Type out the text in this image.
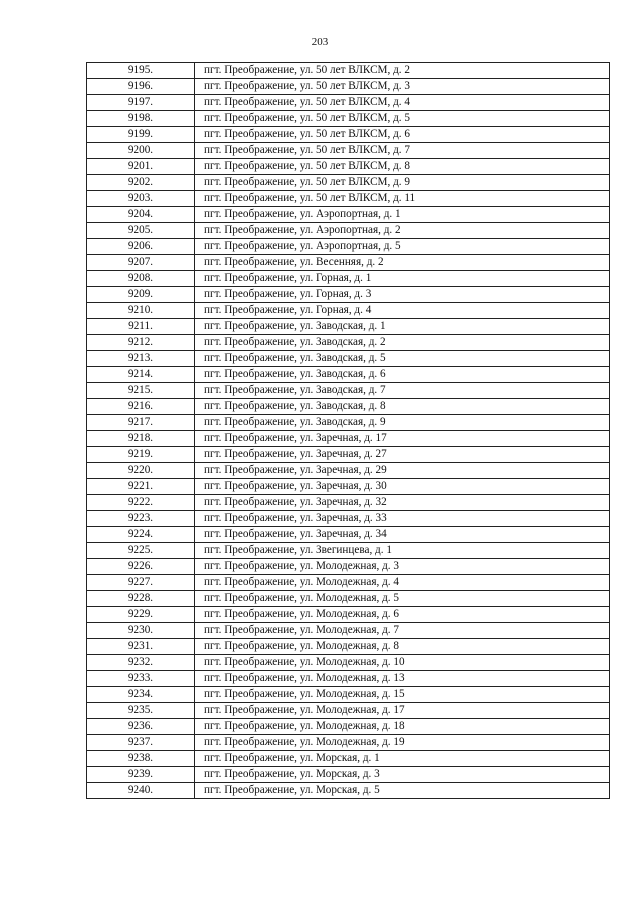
203
9195.	пгт. Преображение, ул. 50 лет ВЛКСМ, д. 2
9196.	пгт. Преображение, ул. 50 лет ВЛКСМ, д. 3
9197.	пгт. Преображение, ул. 50 лет ВЛКСМ, д. 4
9198.	пгт. Преображение, ул. 50 лет ВЛКСМ, д. 5
9199.	пгт. Преображение, ул. 50 лет ВЛКСМ, д. 6
9200.	пгт. Преображение, ул. 50 лет ВЛКСМ, д. 7
9201.	пгт. Преображение, ул. 50 лет ВЛКСМ, д. 8
9202.	пгт. Преображение, ул. 50 лет ВЛКСМ, д. 9
9203.	пгт. Преображение, ул. 50 лет ВЛКСМ, д. 11
9204.	пгт. Преображение, ул. Аэропортная, д. 1
9205.	пгт. Преображение, ул. Аэропортная, д. 2
9206.	пгт. Преображение, ул. Аэропортная, д. 5
9207.	пгт. Преображение, ул. Весенняя, д. 2
9208.	пгт. Преображение, ул. Горная, д. 1
9209.	пгт. Преображение, ул. Горная, д. 3
9210.	пгт. Преображение, ул. Горная, д. 4
9211.	пгт. Преображение, ул. Заводская, д. 1
9212.	пгт. Преображение, ул. Заводская, д. 2
9213.	пгт. Преображение, ул. Заводская, д. 5
9214.	пгт. Преображение, ул. Заводская, д. 6
9215.	пгт. Преображение, ул. Заводская, д. 7
9216.	пгт. Преображение, ул. Заводская, д. 8
9217.	пгт. Преображение, ул. Заводская, д. 9
9218.	пгт. Преображение, ул. Заречная, д. 17
9219.	пгт. Преображение, ул. Заречная, д. 27
9220.	пгт. Преображение, ул. Заречная, д. 29
9221.	пгт. Преображение, ул. Заречная, д. 30
9222.	пгт. Преображение, ул. Заречная, д. 32
9223.	пгт. Преображение, ул. Заречная, д. 33
9224.	пгт. Преображение, ул. Заречная, д. 34
9225.	пгт. Преображение, ул. Звегинцева, д. 1
9226.	пгт. Преображение, ул. Молодежная, д. 3
9227.	пгт. Преображение, ул. Молодежная, д. 4
9228.	пгт. Преображение, ул. Молодежная, д. 5
9229.	пгт. Преображение, ул. Молодежная, д. 6
9230.	пгт. Преображение, ул. Молодежная, д. 7
9231.	пгт. Преображение, ул. Молодежная, д. 8
9232.	пгт. Преображение, ул. Молодежная, д. 10
9233.	пгт. Преображение, ул. Молодежная, д. 13
9234.	пгт. Преображение, ул. Молодежная, д. 15
9235.	пгт. Преображение, ул. Молодежная, д. 17
9236.	пгт. Преображение, ул. Молодежная, д. 18
9237.	пгт. Преображение, ул. Молодежная, д. 19
9238.	пгт. Преображение, ул. Морская, д. 1
9239.	пгт. Преображение, ул. Морская, д. 3
9240.	пгт. Преображение, ул. Морская, д. 5
